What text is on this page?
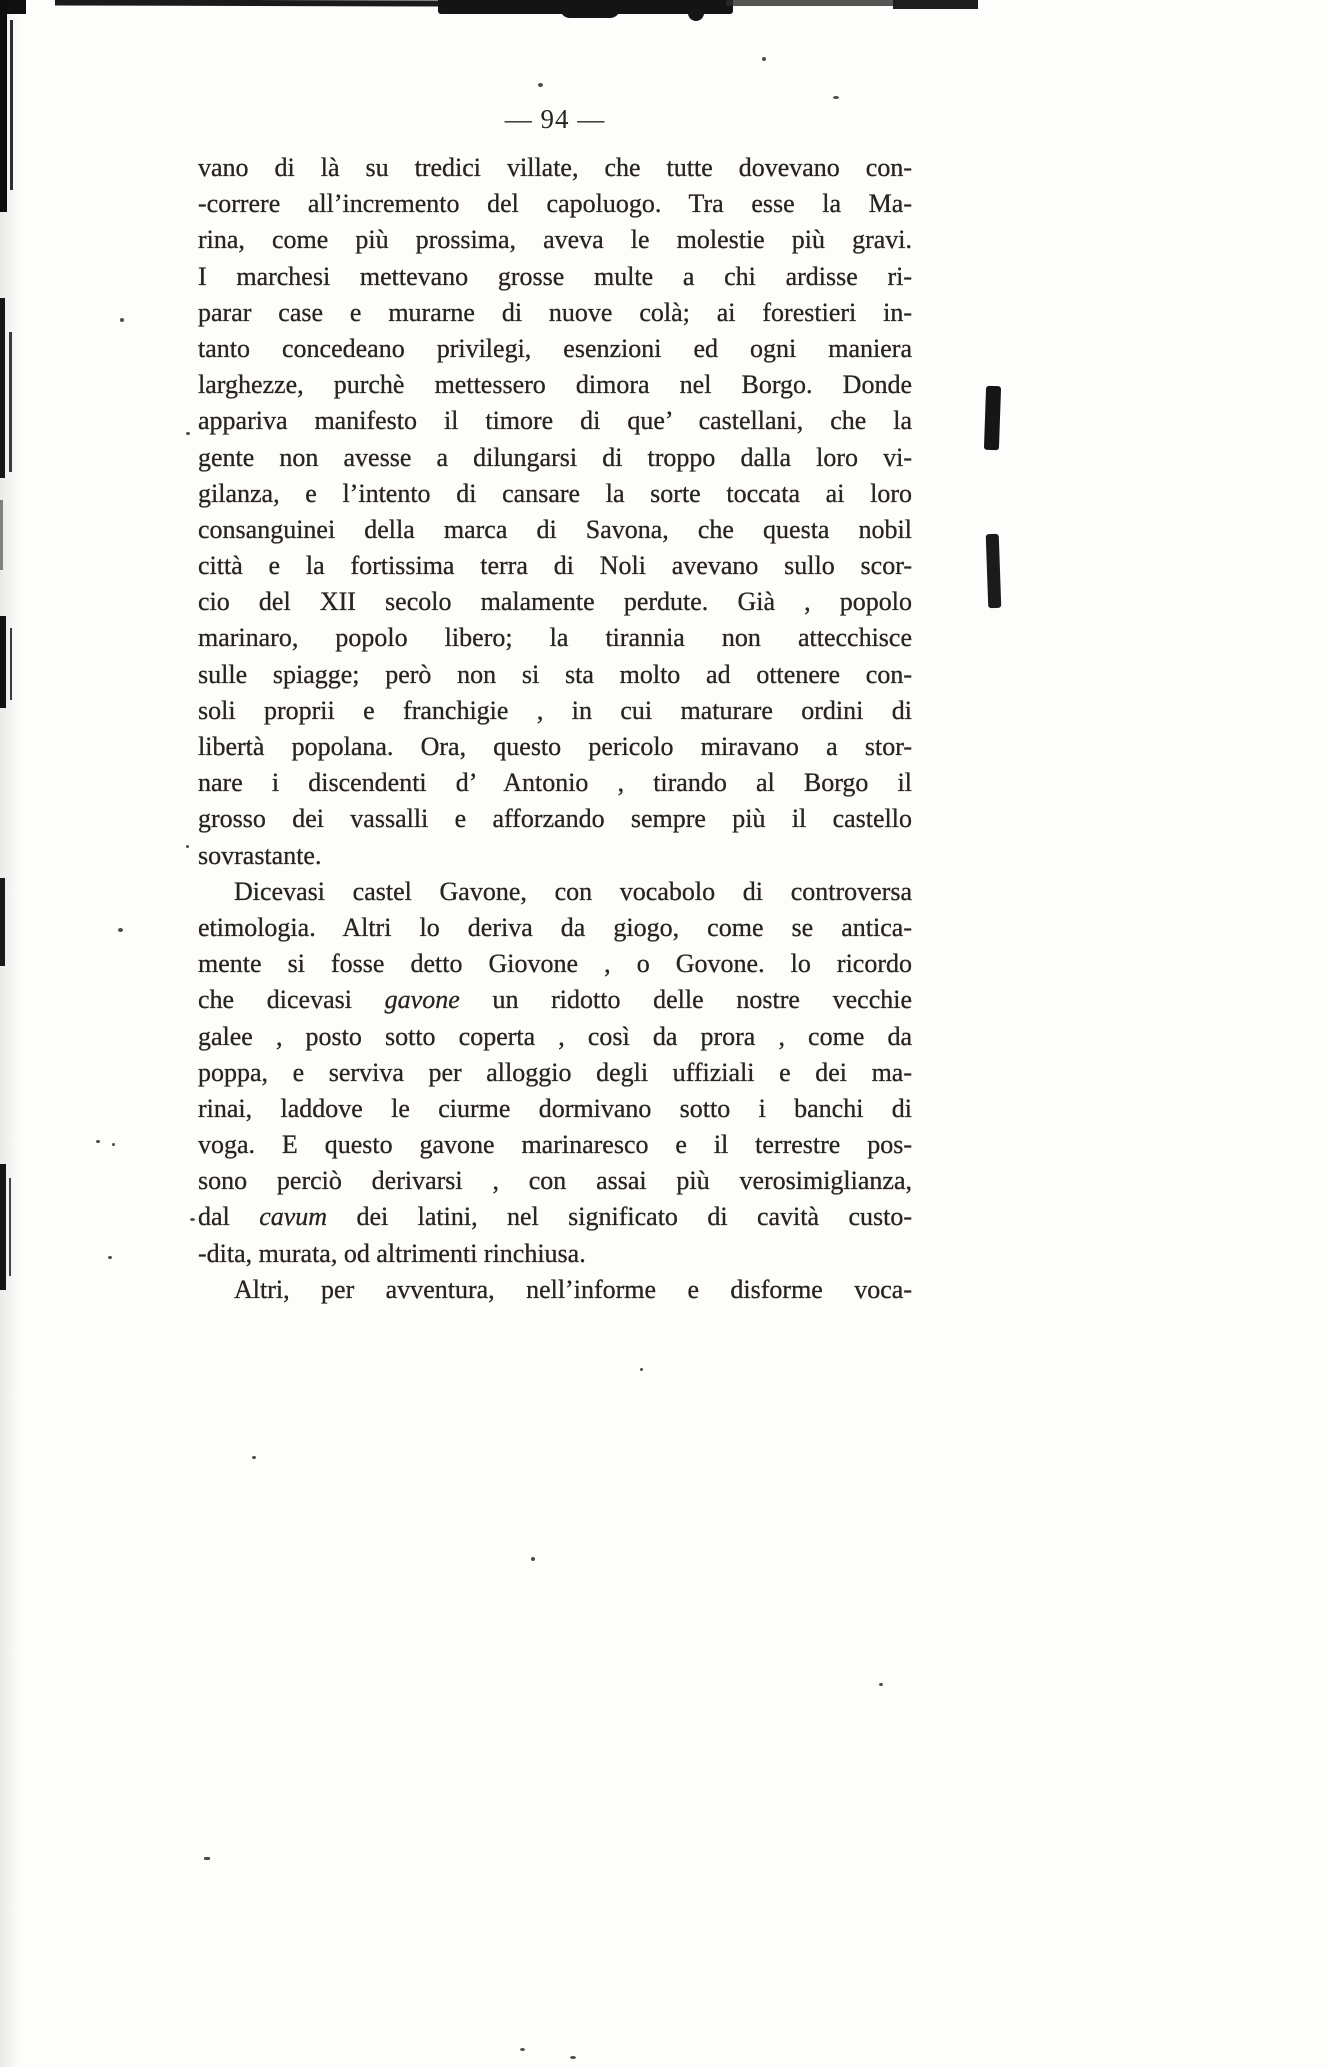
— 94 —
vano di là su tredici villate, che tutte dovevano con-
-correre all’incremento del capoluogo. Tra esse la Ma-
rina, come più prossima, aveva le molestie più gravi.
I marchesi mettevano grosse multe a chi ardisse ri-
parar case e murarne di nuove colà; ai forestieri in-
tanto concedeano privilegi, esenzioni ed ogni maniera
larghezze, purchè mettessero dimora nel Borgo. Donde
appariva manifesto il timore di que’ castellani, che la
gente non avesse a dilungarsi di troppo dalla loro vi-
gilanza, e l’intento di cansare la sorte toccata ai loro
consanguinei della marca di Savona, che questa nobil
città e la fortissima terra di Noli avevano sullo scor-
cio del XII secolo malamente perdute. Già , popolo
marinaro, popolo libero; la tirannia non attecchisce
sulle spiagge; però non si sta molto ad ottenere con-
soli proprii e franchigie , in cui maturare ordini di
libertà popolana. Ora, questo pericolo miravano a stor-
nare i discendenti d’ Antonio , tirando al Borgo il
grosso dei vassalli e afforzando sempre più il castello
sovrastante.
Dicevasi castel Gavone, con vocabolo di controversa
etimologia. Altri lo deriva da giogo, come se antica-
mente si fosse detto Giovone , o Govone. lo ricordo
che dicevasi gavone un ridotto delle nostre vecchie
galee , posto sotto coperta , così da prora , come da
poppa, e serviva per alloggio degli uffiziali e dei ma-
rinai, laddove le ciurme dormivano sotto i banchi di
voga. E questo gavone marinaresco e il terrestre pos-
sono perciò derivarsi , con assai più verosimiglianza,
dal cavum dei latini, nel significato di cavità custo-
-dita, murata, od altrimenti rinchiusa.
Altri, per avventura, nell’informe e disforme voca-
